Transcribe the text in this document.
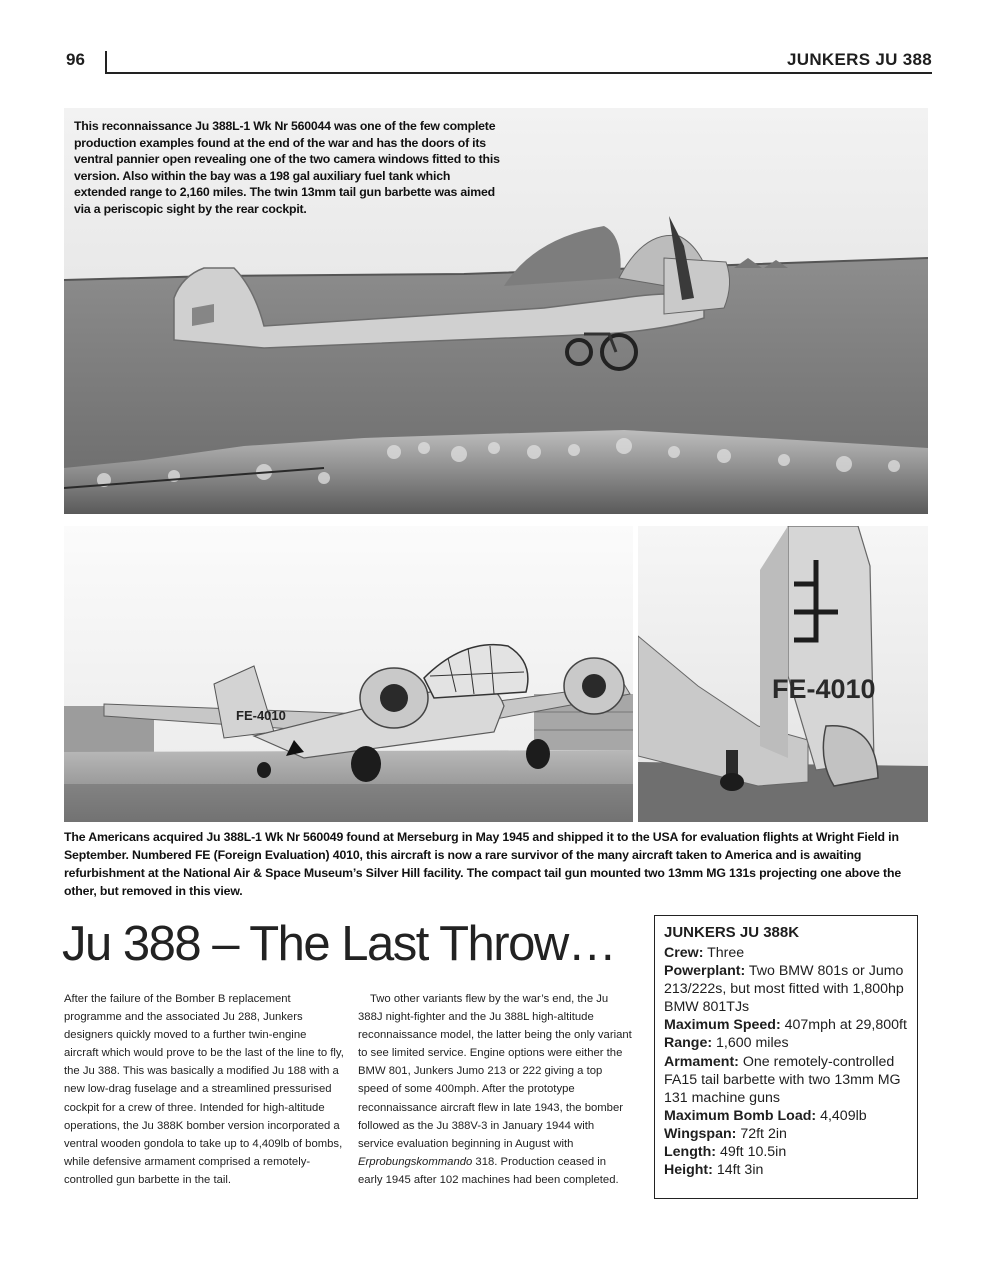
96	JUNKERS JU 388
This reconnaissance Ju 388L-1 Wk Nr 560044 was one of the few complete production examples found at the end of the war and has the doors of its ventral pannier open revealing one of the two camera windows fitted to this version. Also within the bay was a 198 gal auxiliary fuel tank which extended range to 2,160 miles. The twin 13mm tail gun barbette was aimed via a periscopic sight by the rear cockpit.
FE-4010
FE-4010
The Americans acquired Ju 388L-1 Wk Nr 560049 found at Merseburg in May 1945 and shipped it to the USA for evaluation flights at Wright Field in September. Numbered FE (Foreign Evaluation) 4010, this aircraft is now a rare survivor of the many aircraft taken to America and is awaiting refurbishment at the National Air & Space Museum’s Silver Hill facility. The compact tail gun mounted two 13mm MG 131s projecting one above the other, but removed in this view.
Ju 388 – The Last Throw…

After the failure of the Bomber B replacement programme and the associated Ju 288, Junkers designers quickly moved to a further twin-engine aircraft which would prove to be the last of the line to fly, the Ju 388. This was basically a modified Ju 188 with a new low-drag fuselage and a streamlined pressurised cockpit for a crew of three. Intended for high-altitude operations, the Ju 388K bomber version incorporated a ventral wooden gondola to take up to 4,409lb of bombs, while defensive armament comprised a remotely-controlled gun barbette in the tail.

Two other variants flew by the war’s end, the Ju 388J night-fighter and the Ju 388L high-altitude reconnaissance model, the latter being the only variant to see limited service. Engine options were either the BMW 801, Junkers Jumo 213 or 222 giving a top speed of some 400mph. After the prototype reconnaissance aircraft flew in late 1943, the bomber followed as the Ju 388V-3 in January 1944 with service evaluation beginning in August with Erprobungskommando 318. Production ceased in early 1945 after 102 machines had been completed.

JUNKERS JU 388K

Crew: Three

Powerplant: Two BMW 801s or Jumo 213/222s, but most fitted with 1,800hp BMW 801TJs

Maximum Speed: 407mph at 29,800ft

Range: 1,600 miles

Armament: One remotely-controlled FA15 tail barbette with two 13mm MG 131 machine guns

Maximum Bomb Load: 4,409lb

Wingspan: 72ft 2in

Length: 49ft 10.5in

Height: 14ft 3in
